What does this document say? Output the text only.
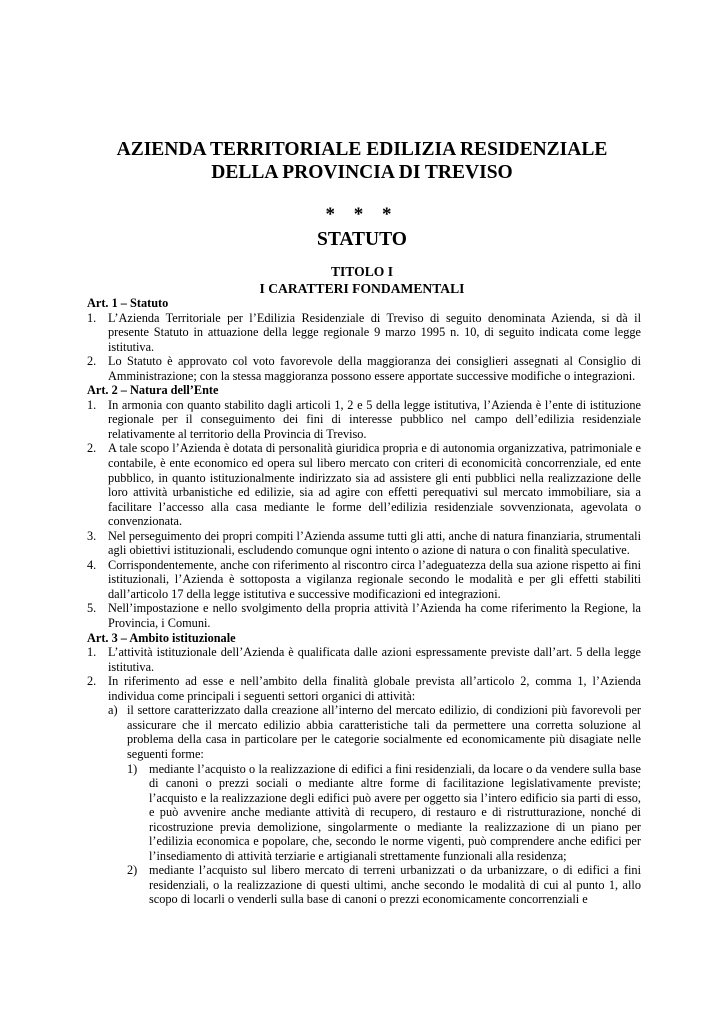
AZIENDA TERRITORIALE EDILIZIA RESIDENZIALE
DELLA PROVINCIA DI TREVISO
* * *
STATUTO
TITOLO I
I CARATTERI FONDAMENTALI
Art. 1 – Statuto
1. L’Azienda Territoriale per l’Edilizia Residenziale di Treviso di seguito denominata Azienda, si dà il presente Statuto in attuazione della legge regionale 9 marzo 1995 n. 10, di seguito indicata come legge istitutiva.
2. Lo Statuto è approvato col voto favorevole della maggioranza dei consiglieri assegnati al Consiglio di Amministrazione; con la stessa maggioranza possono essere apportate successive modifiche o integrazioni.
Art. 2 – Natura dell’Ente
1. In armonia con quanto stabilito dagli articoli 1, 2 e 5 della legge istitutiva, l’Azienda è l’ente di istituzione regionale per il conseguimento dei fini di interesse pubblico nel campo dell’edilizia residenziale relativamente al territorio della Provincia di Treviso.
2. A tale scopo l’Azienda è dotata di personalità giuridica propria e di autonomia organizzativa, patrimoniale e contabile, è ente economico ed opera sul libero mercato con criteri di economicità concorrenziale, ed ente pubblico, in quanto istituzionalmente indirizzato sia ad assistere gli enti pubblici nella realizzazione delle loro attività urbanistiche ed edilizie, sia ad agire con effetti perequativi sul mercato immobiliare, sia a facilitare l’accesso alla casa mediante le forme dell’edilizia residenziale sovvenzionata, agevolata o convenzionata.
3. Nel perseguimento dei propri compiti l’Azienda assume tutti gli atti, anche di natura finanziaria, strumentali agli obiettivi istituzionali, escludendo comunque ogni intento o azione di natura o con finalità speculative.
4. Corrispondentemente, anche con riferimento al riscontro circa l’adeguatezza della sua azione rispetto ai fini istituzionali, l’Azienda è sottoposta a vigilanza regionale secondo le modalità e per gli effetti stabiliti dall’articolo 17 della legge istitutiva e successive modificazioni ed integrazioni.
5. Nell’impostazione e nello svolgimento della propria attività l’Azienda ha come riferimento la Regione, la Provincia, i Comuni.
Art. 3 – Ambito istituzionale
1. L’attività istituzionale dell’Azienda è qualificata dalle azioni espressamente previste dall’art. 5 della legge istitutiva.
2. In riferimento ad esse e nell’ambito della finalità globale prevista all’articolo 2, comma 1, l’Azienda individua come principali i seguenti settori organici di attività:
a) il settore caratterizzato dalla creazione all’interno del mercato edilizio, di condizioni più favorevoli per assicurare che il mercato edilizio abbia caratteristiche tali da permettere una corretta soluzione al problema della casa in particolare per le categorie socialmente ed economicamente più disagiate nelle seguenti forme:
1) mediante l’acquisto o la realizzazione di edifici a fini residenziali, da locare o da vendere sulla base di canoni o prezzi sociali o mediante altre forme di facilitazione legislativamente previste; l’acquisto e la realizzazione degli edifici può avere per oggetto sia l’intero edificio sia parti di esso, e può avvenire anche mediante attività di recupero, di restauro e di ristrutturazione, nonché di ricostruzione previa demolizione, singolarmente o mediante la realizzazione di un piano per l’edilizia economica e popolare, che, secondo le norme vigenti, può comprendere anche edifici per l’insediamento di attività terziarie e artigianali strettamente funzionali alla residenza;
2) mediante l’acquisto sul libero mercato di terreni urbanizzati o da urbanizzare, o di edifici a fini residenziali, o la realizzazione di questi ultimi, anche secondo le modalità di cui al punto 1, allo scopo di locarli o venderli sulla base di canoni o prezzi economicamente concorrenziali e
